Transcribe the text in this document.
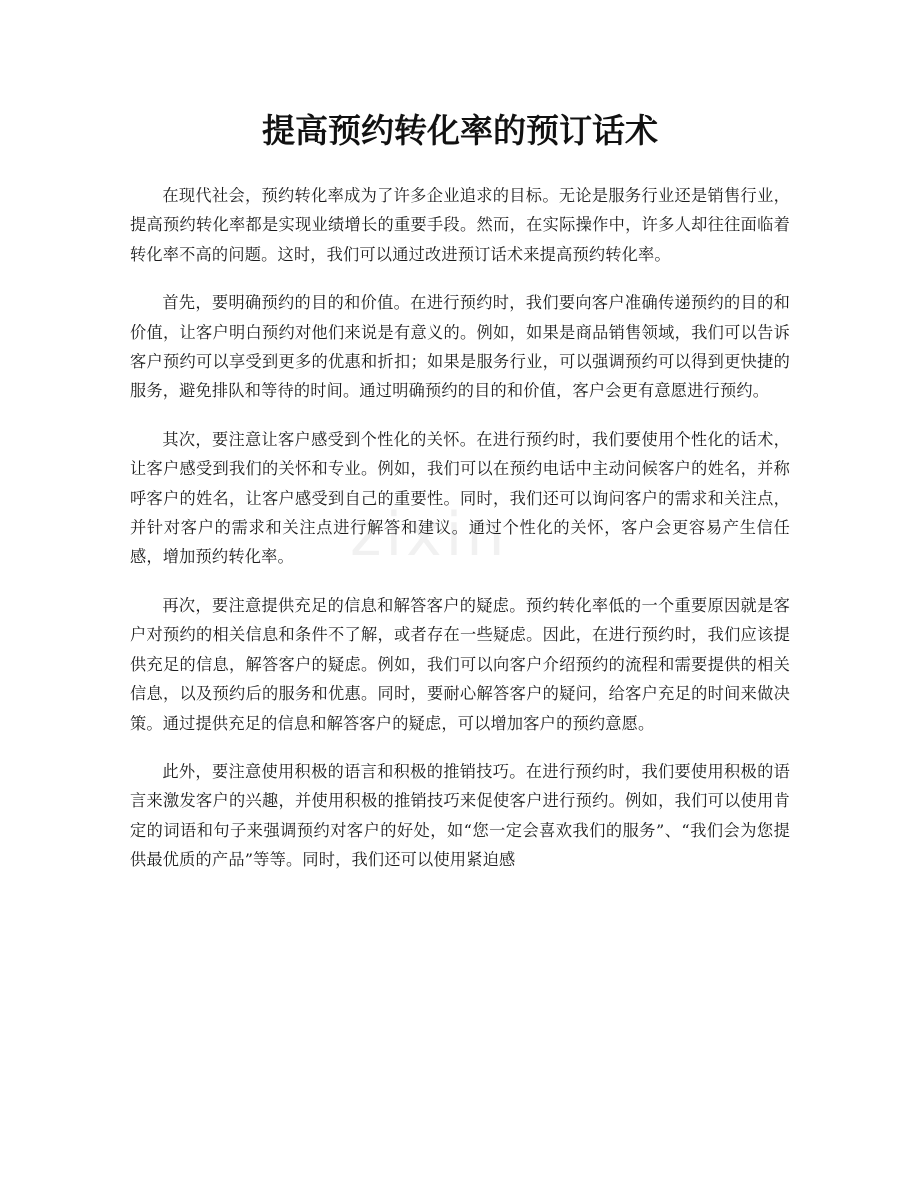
提高预约转化率的预订话术
zixin

在现代社会，预约转化率成为了许多企业追求的目标。无论是服务行业还是销售行业，提高预约转化率都是实现业绩增长的重要手段。然而，在实际操作中，许多人却往往面临着转化率不高的问题。这时，我们可以通过改进预订话术来提高预约转化率。

首先，要明确预约的目的和价值。在进行预约时，我们要向客户准确传递预约的目的和价值，让客户明白预约对他们来说是有意义的。例如，如果是商品销售领域，我们可以告诉客户预约可以享受到更多的优惠和折扣；如果是服务行业，可以强调预约可以得到更快捷的服务，避免排队和等待的时间。通过明确预约的目的和价值，客户会更有意愿进行预约。

其次，要注意让客户感受到个性化的关怀。在进行预约时，我们要使用个性化的话术，让客户感受到我们的关怀和专业。例如，我们可以在预约电话中主动问候客户的姓名，并称呼客户的姓名，让客户感受到自己的重要性。同时，我们还可以询问客户的需求和关注点，并针对客户的需求和关注点进行解答和建议。通过个性化的关怀，客户会更容易产生信任感，增加预约转化率。

再次，要注意提供充足的信息和解答客户的疑虑。预约转化率低的一个重要原因就是客户对预约的相关信息和条件不了解，或者存在一些疑虑。因此，在进行预约时，我们应该提供充足的信息，解答客户的疑虑。例如，我们可以向客户介绍预约的流程和需要提供的相关信息，以及预约后的服务和优惠。同时，要耐心解答客户的疑问，给客户充足的时间来做决策。通过提供充足的信息和解答客户的疑虑，可以增加客户的预约意愿。

此外，要注意使用积极的语言和积极的推销技巧。在进行预约时，我们要使用积极的语言来激发客户的兴趣，并使用积极的推销技巧来促使客户进行预约。例如，我们可以使用肯定的词语和句子来强调预约对客户的好处，如“您一定会喜欢我们的服务”、“我们会为您提供最优质的产品”等等。同时，我们还可以使用紧迫感
